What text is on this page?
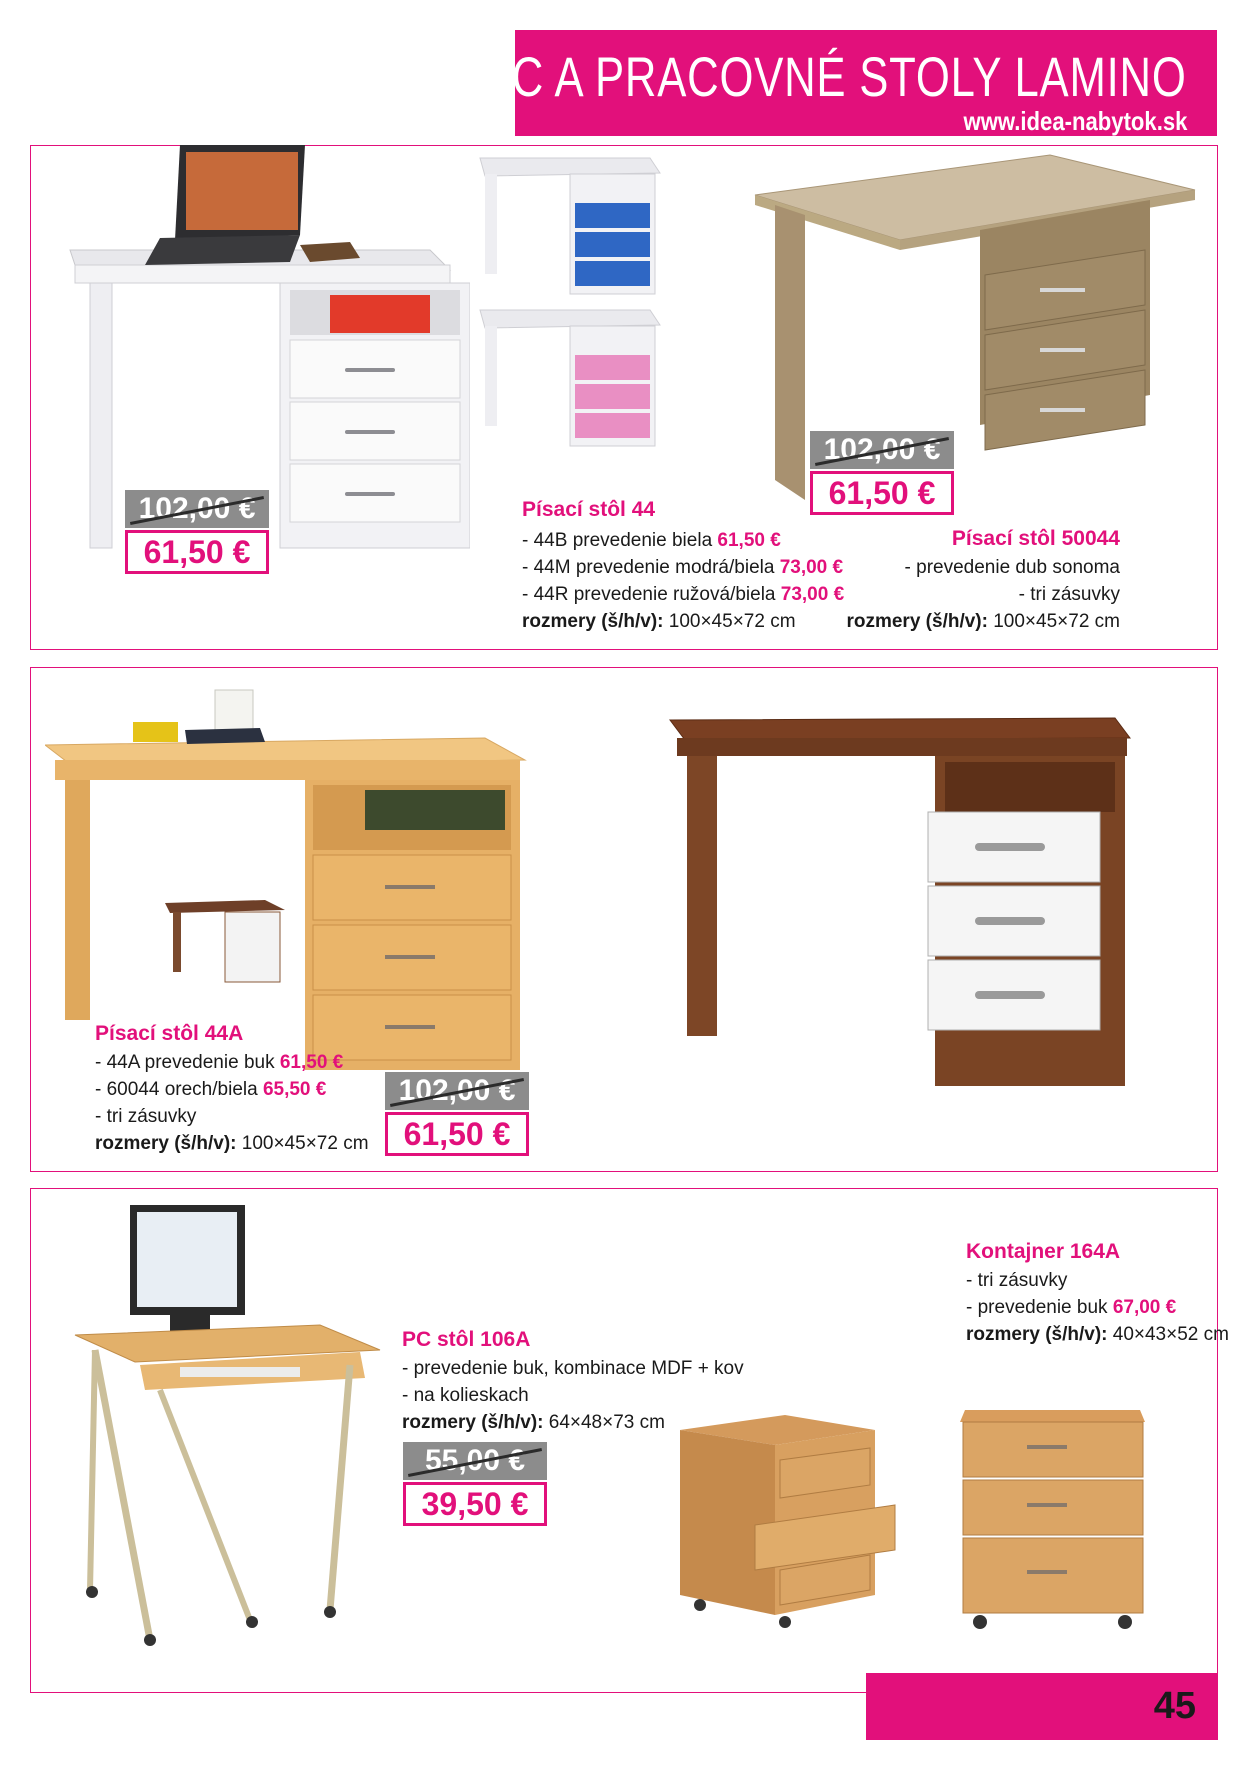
PC A PRACOVNÉ STOLY LAMINO
www.idea-nabytok.sk
102,00 €
61,50 €
Písací stôl 44
- 44B prevedenie biela 61,50 €
- 44M prevedenie modrá/biela 73,00 €
- 44R prevedenie ružová/biela 73,00 €
rozmery (š/h/v): 100×45×72 cm
102,00 €
61,50 €
Písací stôl 50044
- prevedenie dub sonoma
- tri zásuvky
rozmery (š/h/v): 100×45×72 cm
Písací stôl 44A
- 44A prevedenie buk 61,50 €
- 60044 orech/biela 65,50 €
- tri zásuvky
rozmery (š/h/v): 100×45×72 cm
102,00 €
61,50 €
PC stôl 106A
- prevedenie buk, kombinace MDF + kov
- na kolieskach
rozmery (š/h/v): 64×48×73 cm
55,00 €
39,50 €
Kontajner 164A
- tri zásuvky
- prevedenie buk 67,00 €
rozmery (š/h/v): 40×43×52 cm
45
